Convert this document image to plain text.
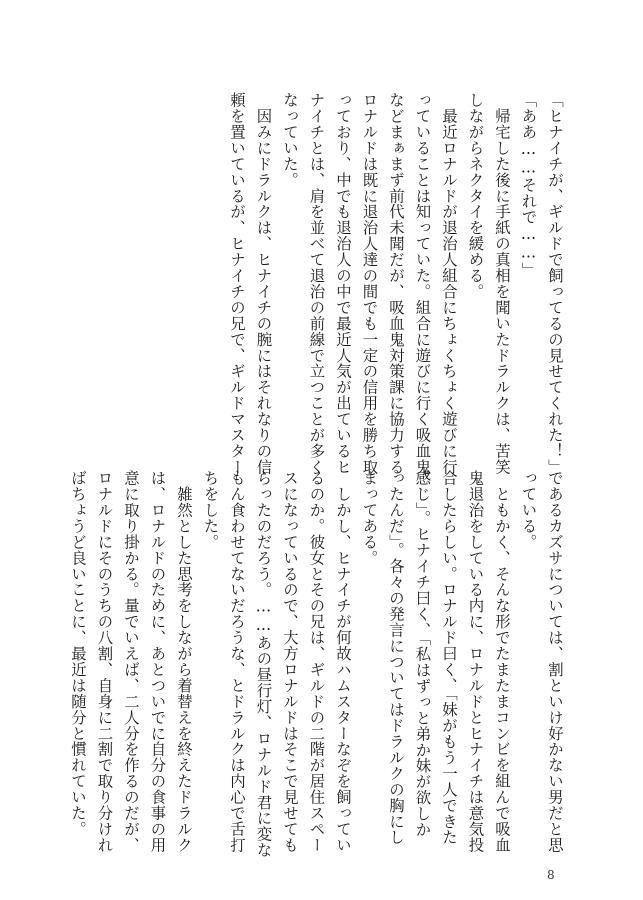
「ヒナイチが、ギルドで飼ってるの見せてくれた！」

「ああ……それで……」

　帰宅した後に手紙の真相を聞いたドラルクは、苦笑

しながらネクタイを緩める。

　最近ロナルドが退治人組合にちょくちょく遊びに行

っていることは知っていた。組合に遊びに行く吸血鬼

などまぁまず前代未聞だが、吸血鬼対策課に協力する

ロナルドは既に退治人達の間でも一定の信用を勝ち取

っており、中でも退治人の中で最近人気が出ているヒ

ナイチとは、肩を並べて退治の前線で立つことが多く

なっていた。

　因みにドラルクは、ヒナイチの腕にはそれなりの信

頼を置いているが、ヒナイチの兄で、ギルドマスター

であるカズサについては、割といけ好かない男だと思

っている。

　ともかく、そんな形でたまたまコンビを組んで吸血

鬼退治をしている内に、ロナルドとヒナイチは意気投

合したらしい。ロナルド曰く、「妹がもう一人できた

感じ」。ヒナイチ曰く、「私はずっと弟か妹が欲しか

ったんだ」。各々の発言についてはドラルクの胸にし

まってある。

　しかし、ヒナイチが何故ハムスターなぞを飼ってい

るのか。彼女とその兄は、ギルドの二階が居住スペー

スになっているので、大方ロナルドはそこで見せても

らったのだろう。……あの昼行灯、ロナルド君に変な

もん食わせてないだろうな、とドラルクは内心で舌打

ちをした。

　雑然とした思考をしながら着替えを終えたドラルク

は、ロナルドのために、あとついでに自分の食事の用

意に取り掛かる。量でいえば、二人分を作るのだが、

ロナルドにそのうちの八割、自身に二割で取り分けれ

ばちょうど良いことに、最近は随分と慣れていた。

8
